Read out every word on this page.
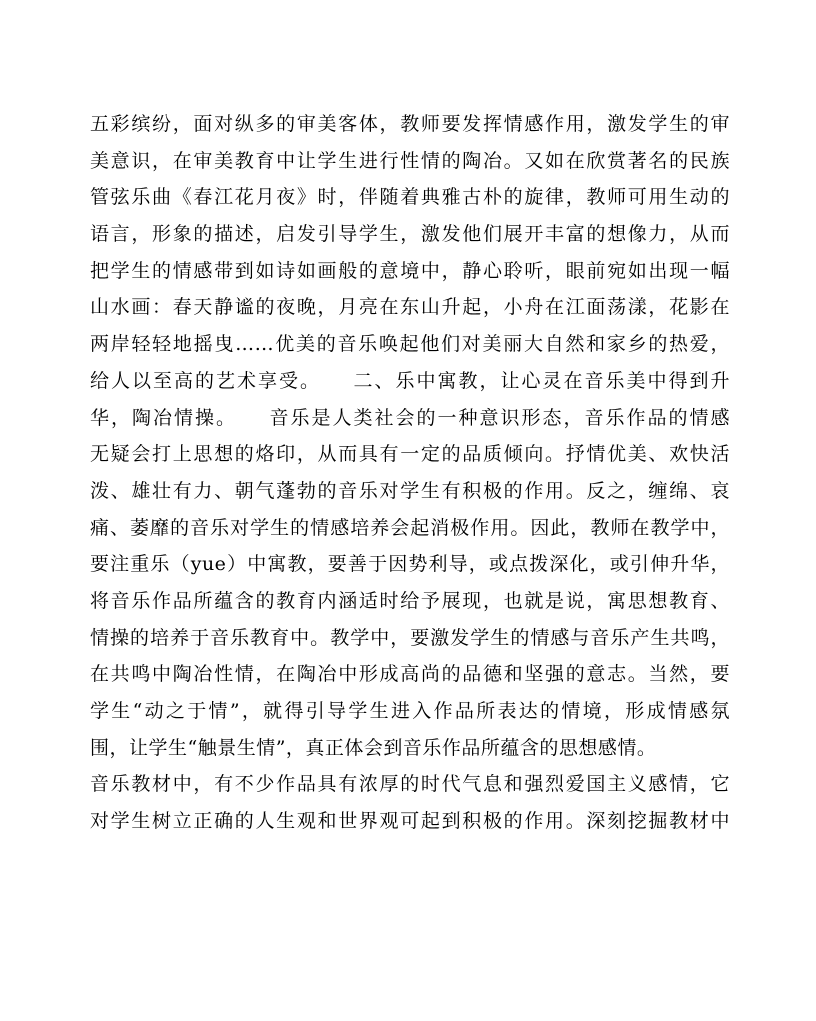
五彩缤纷，面对纵多的审美客体，教师要发挥情感作用，激发学生的审
美意识，在审美教育中让学生进行性情的陶冶。又如在欣赏著名的民族
管弦乐曲《春江花月夜》时，伴随着典雅古朴的旋律，教师可用生动的
语言，形象的描述，启发引导学生，激发他们展开丰富的想像力，从而
把学生的情感带到如诗如画般的意境中，静心聆听，眼前宛如出现一幅
山水画：春天静谧的夜晚，月亮在东山升起，小舟在江面荡漾，花影在
两岸轻轻地摇曳……优美的音乐唤起他们对美丽大自然和家乡的热爱，
给人以至高的艺术享受。　　二、乐中寓教，让心灵在音乐美中得到升
华，陶冶情操。　　音乐是人类社会的一种意识形态，音乐作品的情感
无疑会打上思想的烙印，从而具有一定的品质倾向。抒情优美、欢快活
泼、雄壮有力、朝气蓬勃的音乐对学生有积极的作用。反之，缠绵、哀
痛、萎靡的音乐对学生的情感培养会起消极作用。因此，教师在教学中，
要注重乐（yue）中寓教，要善于因势利导，或点拨深化，或引伸升华，
将音乐作品所蕴含的教育内涵适时给予展现，也就是说，寓思想教育、
情操的培养于音乐教育中。教学中，要激发学生的情感与音乐产生共鸣，
在共鸣中陶冶性情，在陶冶中形成高尚的品德和坚强的意志。当然，要
学生“动之于情”，就得引导学生进入作品所表达的情境，形成情感氛
围，让学生“触景生情”，真正体会到音乐作品所蕴含的思想感情。
音乐教材中，有不少作品具有浓厚的时代气息和强烈爱国主义感情，它
对学生树立正确的人生观和世界观可起到积极的作用。深刻挖掘教材中
